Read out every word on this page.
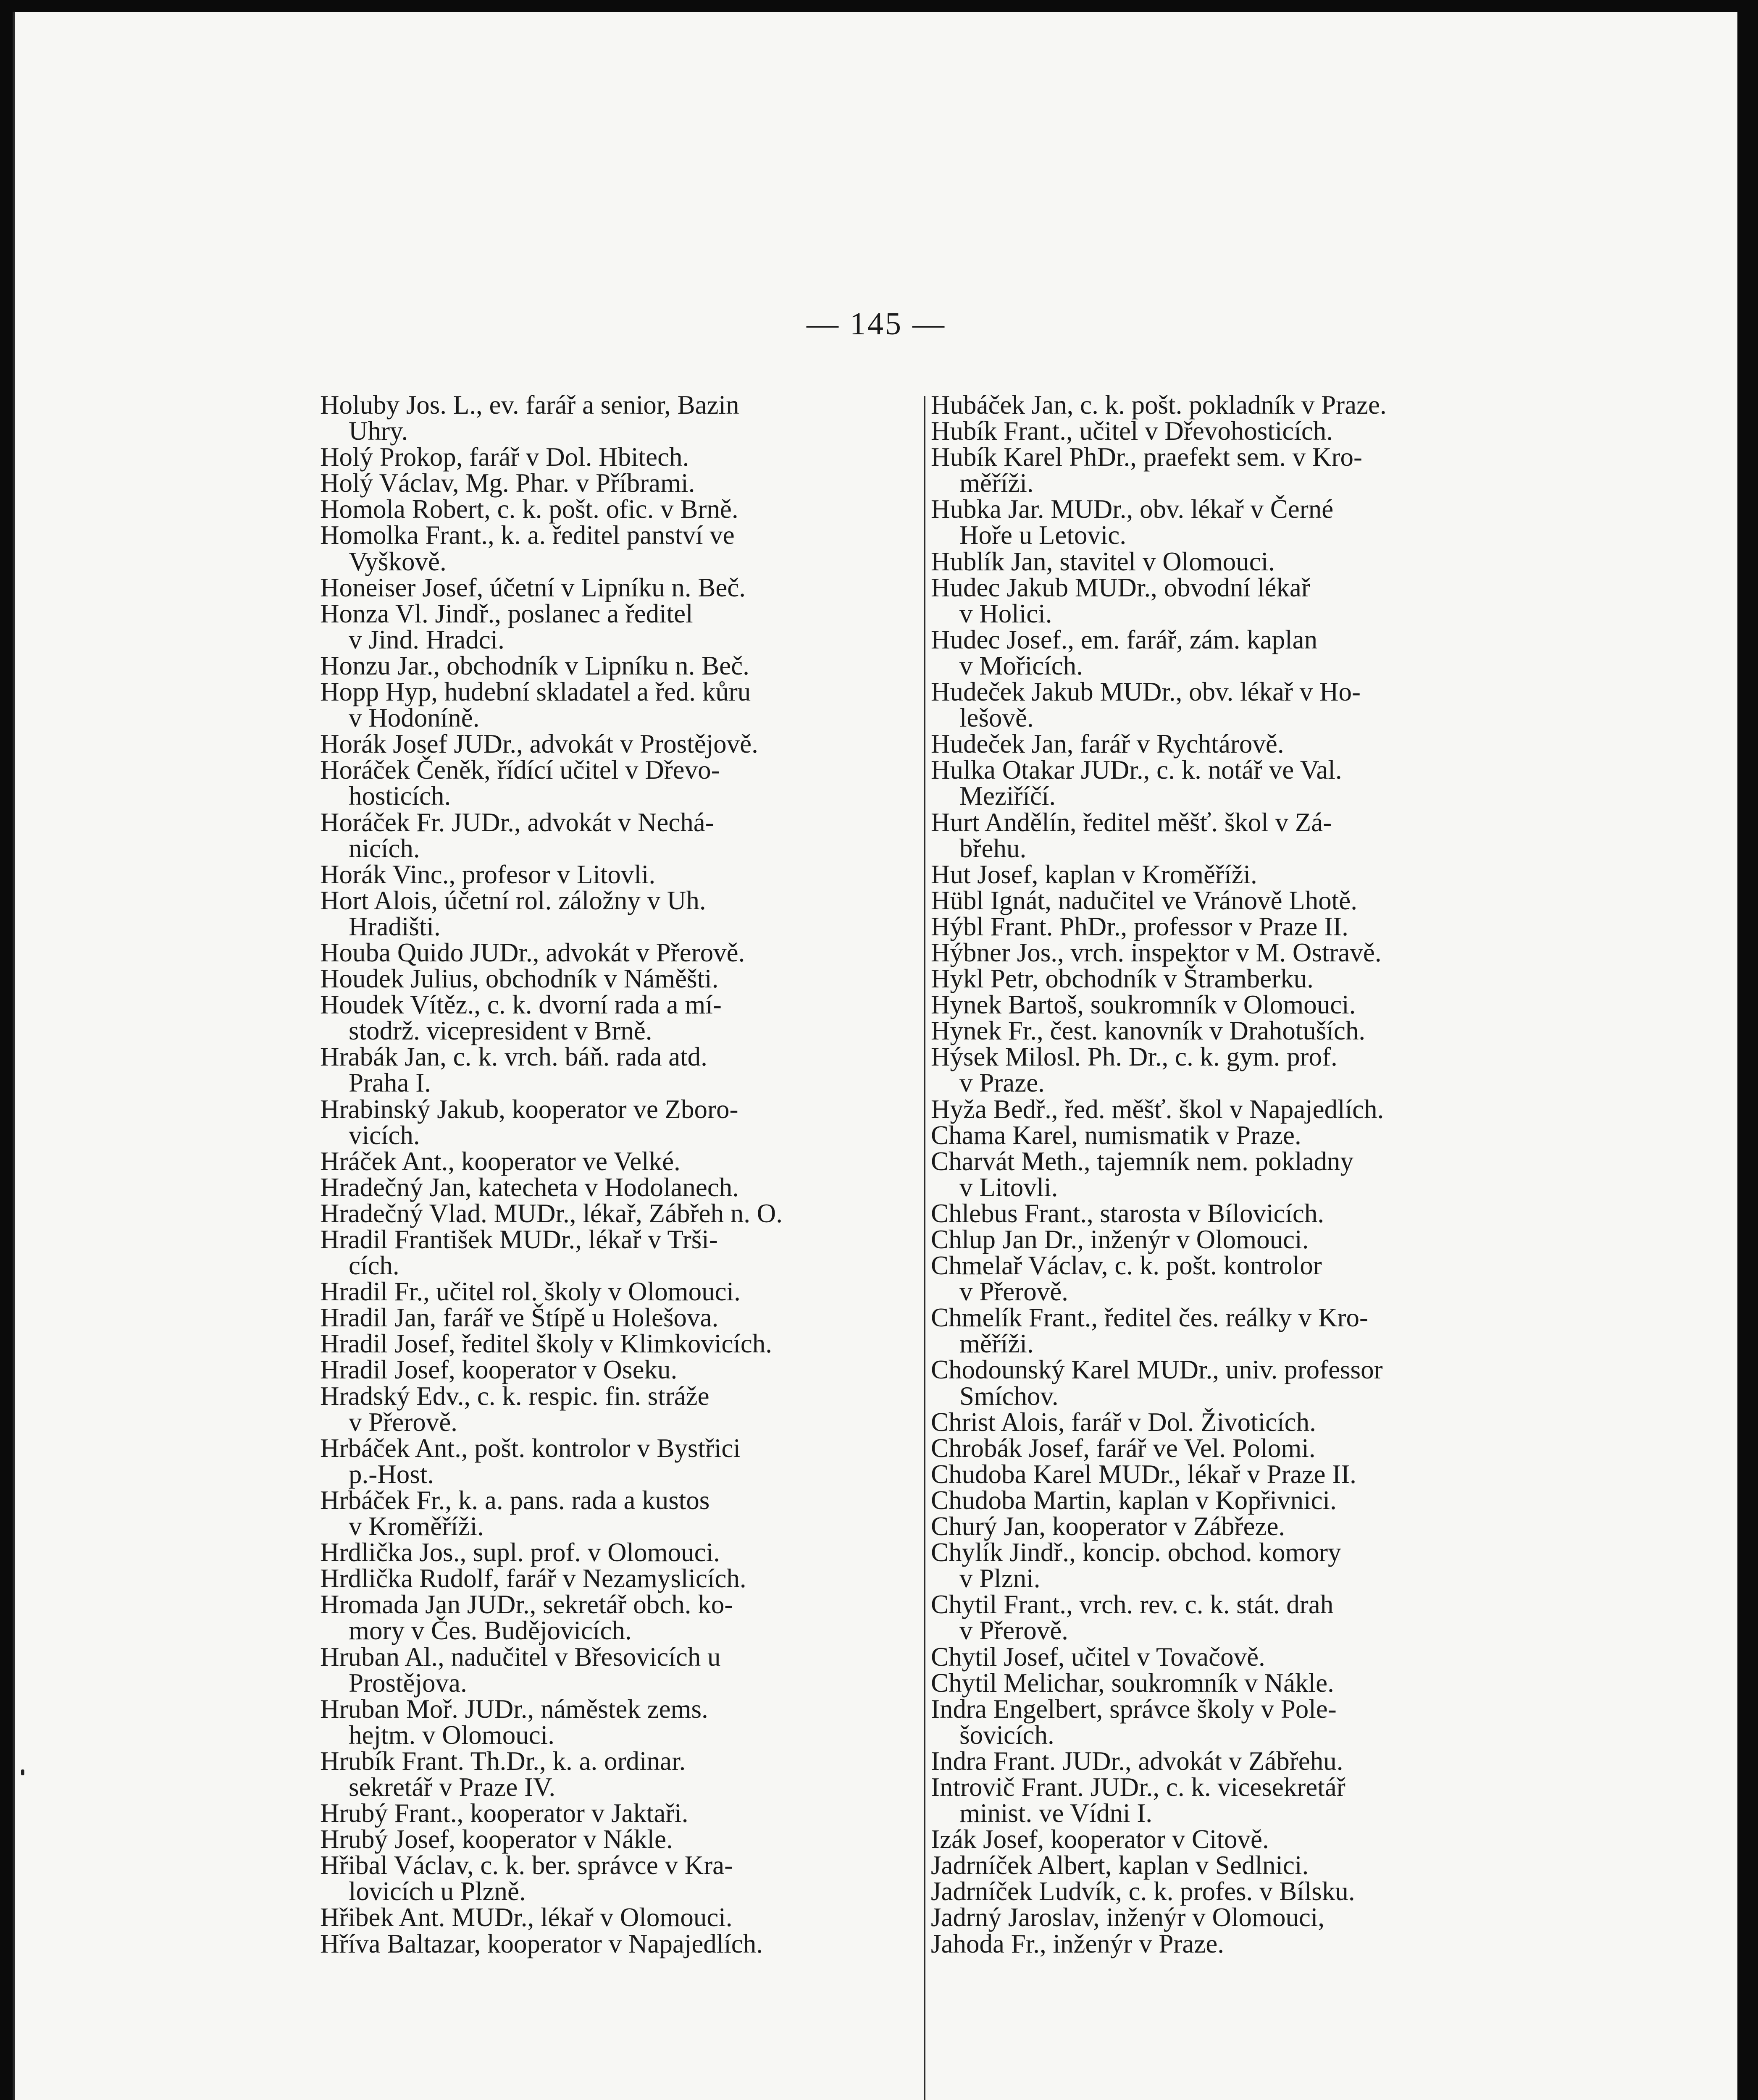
— 145 —

Holuby Jos. L., ev. farář a senior, Bazin
Uhry.

Holý Prokop, farář v Dol. Hbitech.

Holý Václav, Mg. Phar. v Příbrami.

Homola Robert, c. k. pošt. ofic. v Brně.

Homolka Frant., k. a. ředitel panství ve
Vyškově.

Honeiser Josef, účetní v Lipníku n. Beč.

Honza Vl. Jindř., poslanec a ředitel
v Jind. Hradci.

Honzu Jar., obchodník v Lipníku n. Beč.

Hopp Hyp, hudební skladatel a řed. kůru
v Hodoníně.

Horák Josef JUDr., advokát v Prostějově.

Horáček Čeněk, řídící učitel v Dřevo-
hosticích.

Horáček Fr. JUDr., advokát v Nechá-
nicích.

Horák Vinc., profesor v Litovli.

Hort Alois, účetní rol. záložny v Uh.
Hradišti.

Houba Quido JUDr., advokát v Přerově.

Houdek Julius, obchodník v Náměšti.

Houdek Vítěz., c. k. dvorní rada a mí-
stodrž. vicepresident v Brně.

Hrabák Jan, c. k. vrch. báň. rada atd.
Praha I.

Hrabinský Jakub, kooperator ve Zboro-
vicích.

Hráček Ant., kooperator ve Velké.

Hradečný Jan, katecheta v Hodolanech.

Hradečný Vlad. MUDr., lékař, Zábřeh n. O.

Hradil František MUDr., lékař v Trši-
cích.

Hradil Fr., učitel rol. školy v Olomouci.

Hradil Jan, farář ve Štípě u Holešova.

Hradil Josef, ředitel školy v Klimkovicích.

Hradil Josef, kooperator v Oseku.

Hradský Edv., c. k. respic. fin. stráže
v Přerově.

Hrbáček Ant., pošt. kontrolor v Bystřici
p.-Host.

Hrbáček Fr., k. a. pans. rada a kustos
v Kroměříži.

Hrdlička Jos., supl. prof. v Olomouci.

Hrdlička Rudolf, farář v Nezamyslicích.

Hromada Jan JUDr., sekretář obch. ko-
mory v Čes. Budějovicích.

Hruban Al., nadučitel v Břesovicích u
Prostějova.

Hruban Moř. JUDr., náměstek zems.
hejtm. v Olomouci.

Hrubík Frant. Th.Dr., k. a. ordinar.
sekretář v Praze IV.

Hrubý Frant., kooperator v Jaktaři.

Hrubý Josef, kooperator v Nákle.

Hřibal Václav, c. k. ber. správce v Kra-
lovicích u Plzně.

Hřibek Ant. MUDr., lékař v Olomouci.

Hříva Baltazar, kooperator v Napajedlích.

Hubáček Jan, c. k. pošt. pokladník v Praze.

Hubík Frant., učitel v Dřevohosticích.

Hubík Karel PhDr., praefekt sem. v Kro-
měříži.

Hubka Jar. MUDr., obv. lékař v Černé
Hoře u Letovic.

Hublík Jan, stavitel v Olomouci.

Hudec Jakub MUDr., obvodní lékař
v Holici.

Hudec Josef., em. farář, zám. kaplan
v Mořicích.

Hudeček Jakub MUDr., obv. lékař v Ho-
lešově.

Hudeček Jan, farář v Rychtárově.

Hulka Otakar JUDr., c. k. notář ve Val.
Meziříčí.

Hurt Andělín, ředitel měšť. škol v Zá-
břehu.

Hut Josef, kaplan v Kroměříži.

Hübl Ignát, nadučitel ve Vránově Lhotě.

Hýbl Frant. PhDr., professor v Praze II.

Hýbner Jos., vrch. inspektor v M. Ostravě.

Hykl Petr, obchodník v Štramberku.

Hynek Bartoš, soukromník v Olomouci.

Hynek Fr., čest. kanovník v Drahotuších.

Hýsek Milosl. Ph. Dr., c. k. gym. prof.
v Praze.

Hyža Bedř., řed. měšť. škol v Napajedlích.

Chama Karel, numismatik v Praze.

Charvát Meth., tajemník nem. pokladny
v Litovli.

Chlebus Frant., starosta v Bílovicích.

Chlup Jan Dr., inženýr v Olomouci.

Chmelař Václav, c. k. pošt. kontrolor
v Přerově.

Chmelík Frant., ředitel čes. reálky v Kro-
měříži.

Chodounský Karel MUDr., univ. professor
Smíchov.

Christ Alois, farář v Dol. Životicích.

Chrobák Josef, farář ve Vel. Polomi.

Chudoba Karel MUDr., lékař v Praze II.

Chudoba Martin, kaplan v Kopřivnici.

Churý Jan, kooperator v Zábřeze.

Chylík Jindř., koncip. obchod. komory
v Plzni.

Chytil Frant., vrch. rev. c. k. stát. drah
v Přerově.

Chytil Josef, učitel v Tovačově.

Chytil Melichar, soukromník v Nákle.

Indra Engelbert, správce školy v Pole-
šovicích.

Indra Frant. JUDr., advokát v Zábřehu.

Introvič Frant. JUDr., c. k. vicesekretář
minist. ve Vídni I.

Izák Josef, kooperator v Citově.

Jadrníček Albert, kaplan v Sedlnici.

Jadrníček Ludvík, c. k. profes. v Bílsku.

Jadrný Jaroslav, inženýr v Olomouci,

Jahoda Fr., inženýr v Praze.
